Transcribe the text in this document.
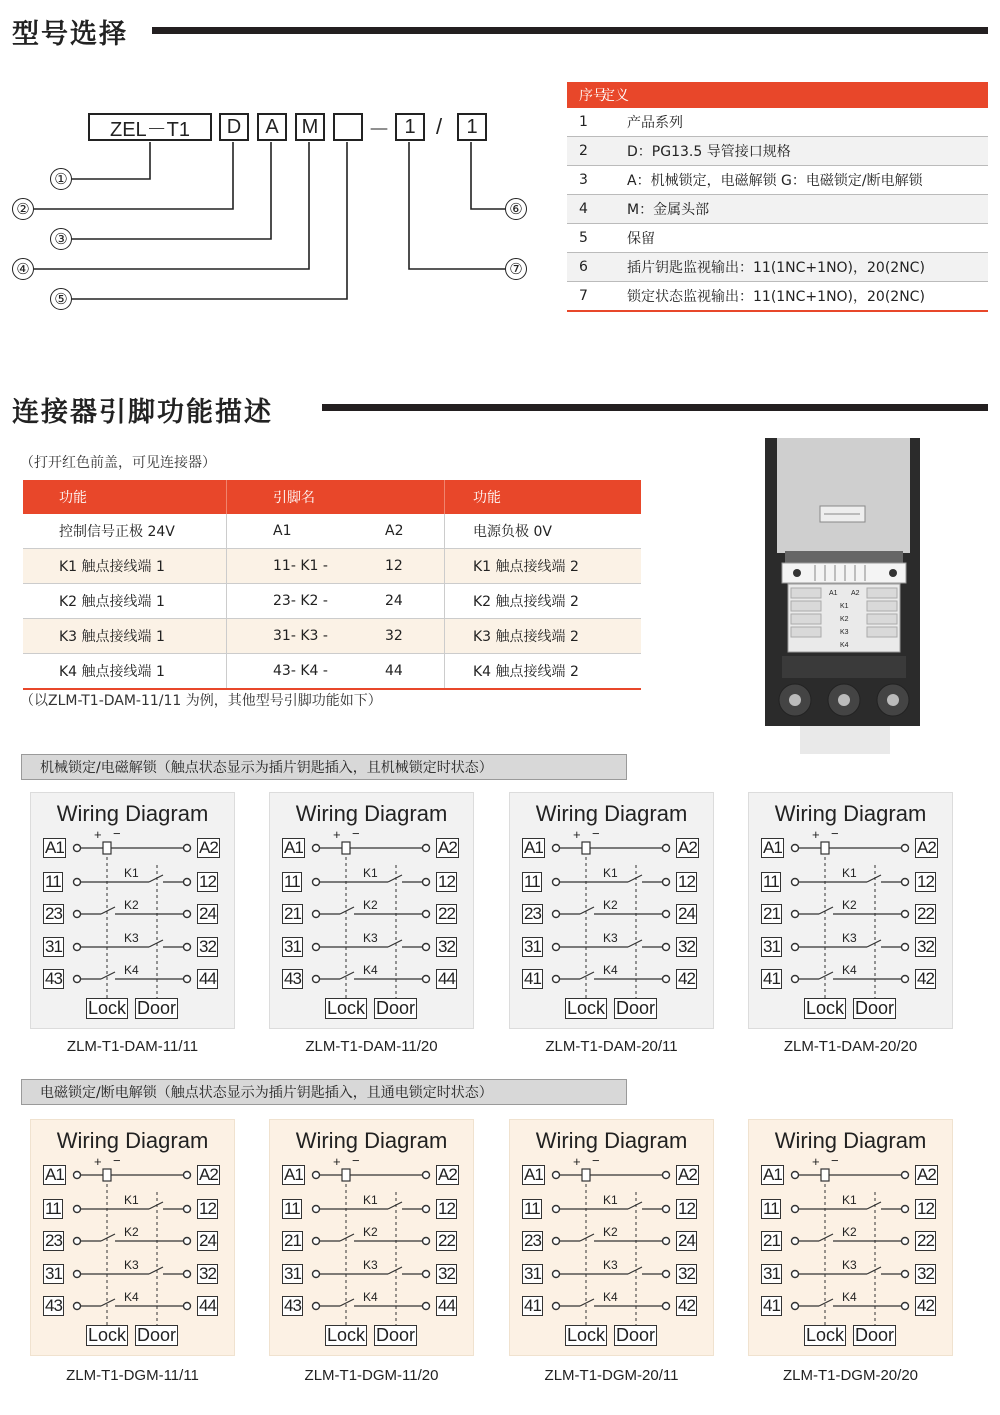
型号选择
ZEL－T1	D	A	M	－ 1 /	1
①
②
③
④
⑤
⑥
⑦
序号
定义
1	产品系列
2	D：PG13.5 导管接口规格
3	A：机械锁定，电磁解锁 G：电磁锁定/断电解锁
4	M：金属头部
5	保留
6	插片钥匙监视输出：11(1NC+1NO)，20(2NC)
7	锁定状态监视输出：11(1NC+1NO)，20(2NC)
连接器引脚功能描述
（打开红色前盖，可见连接器）
功能	引脚名		功能
控制信号正极 24V	A1	A2	电源负极 0V
K1 触点接线端 1	11- K1 -	12	K1 触点接线端 2
K2 触点接线端 1	23- K2 -	24	K2 触点接线端 2
K3 触点接线端 1	31- K3 -	32	K3 触点接线端 2
K4 触点接线端 1	43- K4 -	44	K4 触点接线端 2
（以ZLM-T1-DAM-11/11 为例，其他型号引脚功能如下）
A1 A2
K1
K2
K3
K4
机械锁定/电磁解锁（触点状态显示为插片钥匙插入，且机械锁定时状态）
Wiring Diagram
+ −
A1	A2
11	12
K1
23	24
K2
31	32
K3
43	44
K4
Lock Door
Wiring Diagram
+ −
A1	A2
11	12
K1
21	22
K2
31	32
K3
43	44
K4
Lock Door
Wiring Diagram
+ −
A1	A2
11	12
K1
23	24
K2
31	32
K3
41	42
K4
Lock Door
Wiring Diagram
+ −
A1	A2
11	12
K1
21	22
K2
31	32
K3
41	42
K4
Lock Door
ZLM-T1-DAM-11/11	ZLM-T1-DAM-11/20	ZLM-T1-DAM-20/11	ZLM-T1-DAM-20/20
电磁锁定/断电解锁（触点状态显示为插片钥匙插入，且通电锁定时状态）
Wiring Diagram
+ −
A1	A2
11	12
K1
23	24
K2
31	32
K3
43	44
K4
Lock Door
Wiring Diagram
+ −
A1	A2
11	12
K1
21	22
K2
31	32
K3
43	44
K4
Lock Door
Wiring Diagram
+ −
A1	A2
11	12
K1
23	24
K2
31	32
K3
41	42
K4
Lock Door
Wiring Diagram
+ −
A1	A2
11	12
K1
21	22
K2
31	32
K3
41	42
K4
Lock Door
ZLM-T1-DGM-11/11	ZLM-T1-DGM-11/20	ZLM-T1-DGM-20/11	ZLM-T1-DGM-20/20
